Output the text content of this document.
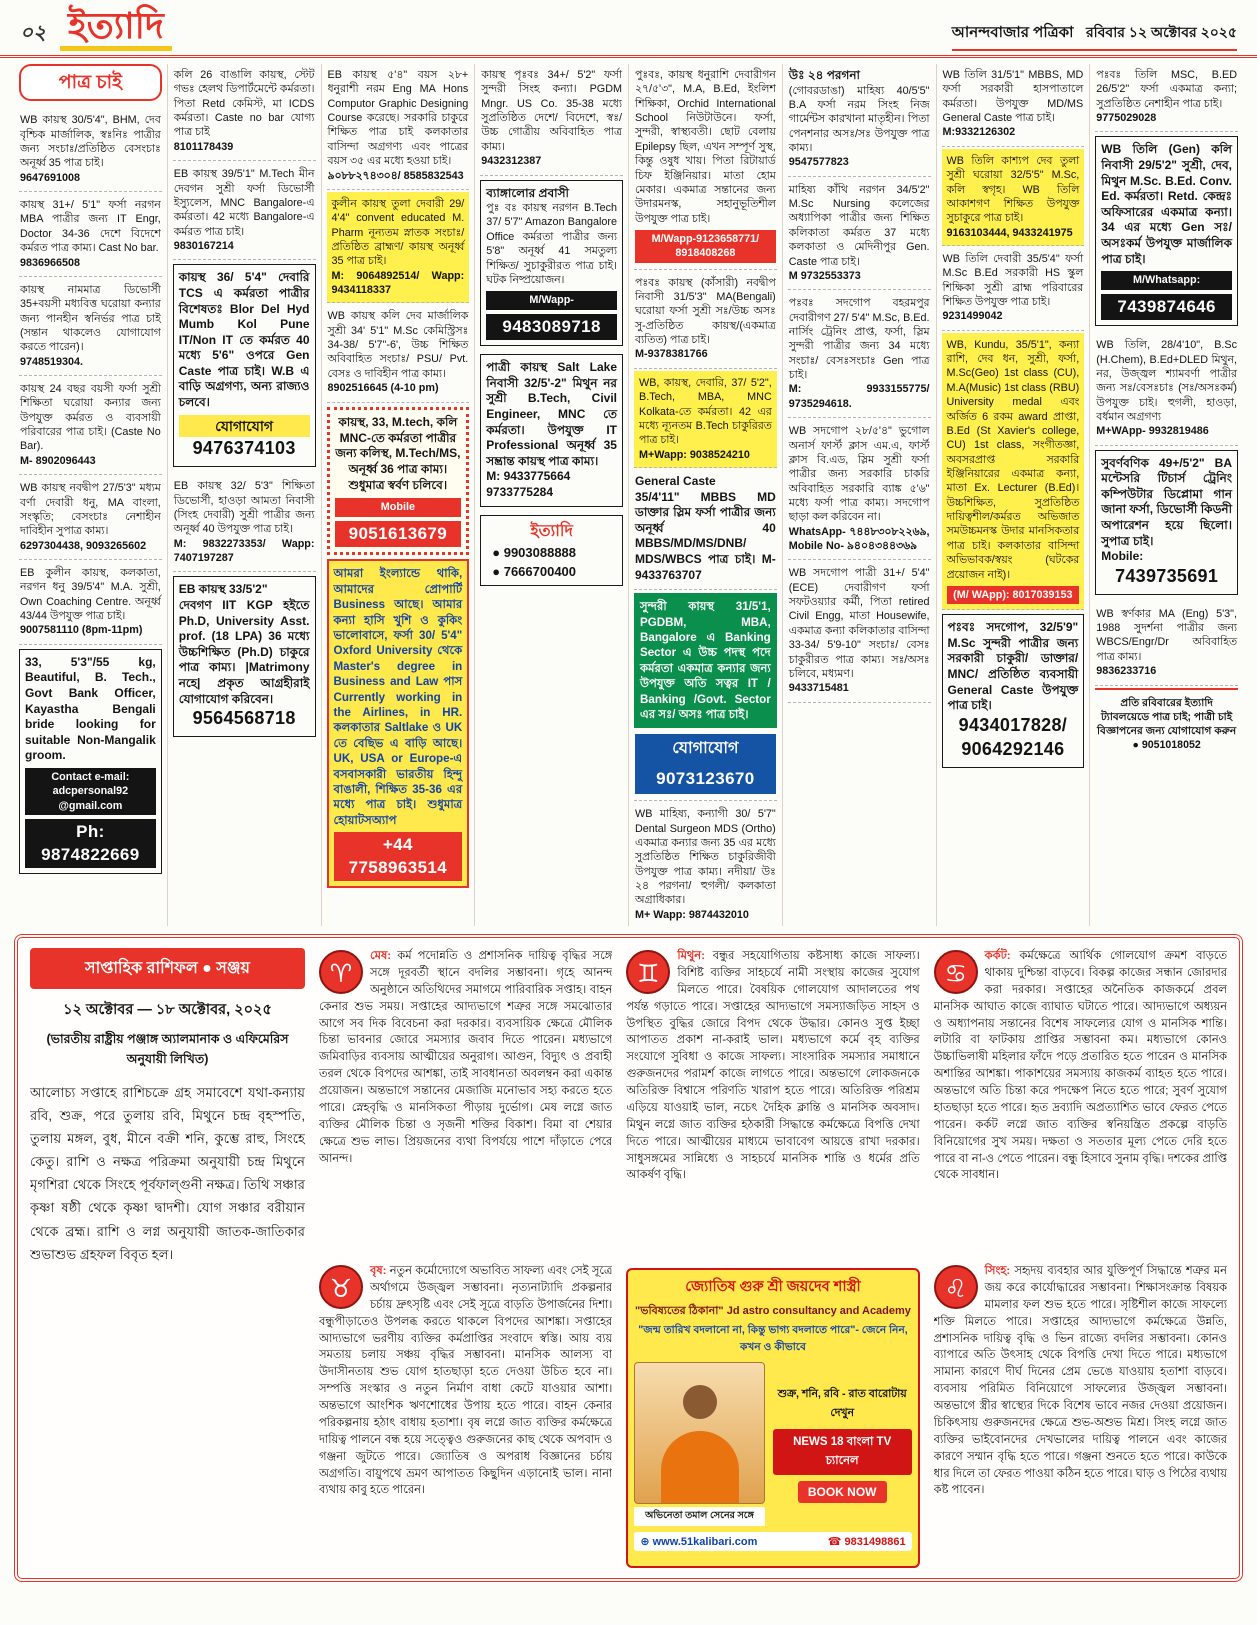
০২ ইত্যাদি	আনন্দবাজার পত্রিকা রবিবার ১২ অক্টোবর ২০২৫
পাত্র চাই
WB কায়স্থ 30/5'4", BHM, দেব বৃশ্চিক মার্জালিক, স্বঃনিঃ পাত্রীর জন্য সংচাঃ/প্রতিষ্ঠিত বেসংচাঃ অনূর্ধ্ব 35 পাত্র চাই।
9647691008
কায়স্থ 31+/ 5'1" ফর্সা নরগন MBA পাত্রীর জন্য IT Engr, Doctor 34-36 দেশে বিদেশে কর্মরত পাত্র কাম্য। Cast No bar.
9836966508
কায়স্থ নামমাত্র ডিভোর্সী 35+বয়সী মধ্যবিত্ত ঘরোয়া কন্যার জন্য পানহীন স্বনির্ভর পাত্র চাই (সন্তান থাকলেও যোগাযোগ করতে পারেন)।
9748519304.
কায়স্থ 24 বছর বয়সী ফর্সা সুশ্রী শিক্ষিতা ঘরোয়া কন্যার জন্য উপযুক্ত কর্মরত ও ব্যবসায়ী পরিবারের পাত্র চাই। (Caste No Bar).
M- 8902096443
WB কায়স্থ নবদ্বীপ 27/5'3" মধ্যম বর্ণা দেবারী ধনু, MA বাংলা, সংস্কৃতি; বেসংচাঃ নেশাহীন দাবিহীন সুপাত্র কাম্য।
6297304438, 9093265602
EB কুলীন কায়স্থ, কলকাতা, নরগন ধনু 39/5'4" M.A. সুশ্রী, Own Coaching Centre. অনূর্ধ্ব 43/44 উপযুক্ত পাত্র চাই।
9007581110 (8pm-11pm)
33, 5'3"/55 kg, Beautiful, B. Tech., Govt Bank Officer, Kayastha Bengali bride looking for suitable Non-Mangalik groom.
Contact e-mail: adcpersonal92 @gmail.com
Ph: 9874822669
কলি 26 বাঙালি কায়স্থ, স্টেট গভঃ হেলথ ডিপার্টমেন্টে কর্মরতা। পিতা Retd কেমিস্ট, মা ICDS কর্মরতা। Caste no bar যোগ্য পাত্র চাই
8101178439
EB কায়স্থ 39/5'1" M.Tech মীন দেবগন সুশ্রী ফর্সা ডিভোর্সী ইস্যুলেস, MNC Bangalore-এ কর্মরতা। 42 মধ্যে Bangalore-এ কর্মরত পাত্র চাই।
9830167214
কায়স্থ 36/ 5'4" দেবারি TCS এ কর্মরতা পাত্রীর বিশেষতঃ Blor Del Hyd Mumb Kol Pune IT/Non IT তে কর্মরত 40 মধ্যে 5'6" ওপরে Gen Caste পাত্র চাই। W.B এ বাড়ি অগ্রগণ্য, অন্য রাজ্যও চলবে।
যোগাযোগ
9476374103
EB কায়স্থ 32/ 5'3" শিক্ষিতা ডিভোর্সী, হাওড়া আমতা নিবাসী (সিংহ দেবারী) সুশ্রী পাত্রীর জন্য অনূর্ধ্ব 40 উপযুক্ত পাত্র চাই।
M: 9832273353/ Wapp: 7407197287
EB কায়স্থ 33/5'2"
দেবগণ IIT KGP হইতে Ph.D, University Asst. prof. (18 LPA) 36 মধ্যে উচ্চশিক্ষিত (Ph.D) চাকুরে পাত্র কাম্য। |Matrimony নহে| প্রকৃত আগ্রহীরাই যোগাযোগ করিবেন।
9564568718
EB কায়স্থ ৫'৪" বয়স ২৮+ ধনুরাশী নরম Eng MA Hons Computor Graphic Designing Course করেছে। সরকারি চাকুরে শিক্ষিত পাত্র চাই কলকাতার বাসিন্দা অগ্রগণ্য এবং পাত্রের বয়স ৩৫ এর মধ্যে হওয়া চাই।
৯০৮৮২৭৪৩০৪/ 8585832543
কুলীন কায়স্থ তুলা দেবারী 29/ 4'4" convent educated M. Pharm নূন্যতম স্নাতক সংচাঃ/প্রতিষ্ঠিত ব্রাহ্মণ/ কায়স্থ অনূর্ধ্ব 35 পাত্র চাই।
M: 9064892514/ Wapp: 9434118337
WB কায়স্থ কলি দেব মার্জালিক সুশ্রী 34' 5'1" M.Sc কেমিস্ট্রিসঃ 34-38/ 5'7"-6', উচ্চ শিক্ষিত অবিবাহিত সংচাঃ/ PSU/ Pvt. বেসঃ ও দাবিহীন পাত্র কাম্য।
8902516645 (4-10 pm)
কায়স্থ, 33, M.tech, কলি MNC-তে কর্মরতা পাত্রীর জন্য কলিস্থ, M.Tech/MS, অনূর্ধ্ব 36 পাত্র কাম্য। শুধুমাত্র স্বর্বণ চলিবে।
Mobile
9051613679
আমরা ইংল্যান্ডে থাকি, আমাদের প্রোপার্টি Business আছে। আমার কন্যা হাসি খুশি ও কুকিং ভালোবাসে, ফর্সা 30/ 5'4" Oxford University থেকে Master's degree in Business and Law পাস Currently working in the Airlines, in HR. কলকাতার Saltlake ও UK তে বেছিভ এ বাড়ি আছে। UK, USA or Europe-এ বসবাসকারী ভারতীয় হিন্দু বাঙালী, শিক্ষিত 35-36 এর মধ্যে পাত্র চাই। শুধুমাত্র হোয়াটসঅ্যাপ
+44 7758963514
কায়স্থ পৃঃবঃ 34+/ 5'2" ফর্সা সুন্দরী সিংহ কন্যা। PGDM Mngr. US Co. 35-38 মধ্যে সুপ্রতিষ্ঠিত দেশে/ বিদেশে, স্বঃ/ উচ্চ গোত্রীয় অবিবাহিত পাত্র কাম্য।
9432312387
ব্যাঙ্গালোর প্রবাসী
পুঃ বঃ কায়স্থ নরগন B.Tech 37/ 5'7" Amazon Bangalore Office কর্মরতা পাত্রীর জন্য 5'8" অনূর্ধ্ব 41 সমতুল্য শিক্ষিত/ সুচাকুরীরত পাত্র চাই। ঘটক নিষ্প্রয়োজন।
M/Wapp-
9483089718
পাত্রী কায়স্থ Salt Lake নিবাসী 32/5'-2" মিথুন নর সুশ্রী B.Tech, Civil Engineer, MNC তে কর্মরতা। উপযুক্ত IT Professional অনূর্ধ্ব 35 সম্ভ্রান্ত কায়স্থ পাত্র কাম্য।
M: 9433775664
9733775284
ইত্যাদি
● 9903088888
● 7666700400
পুঃবঃ, কায়স্থ ধনুরাশি দেবারীগন ২৭/৫'৩", M.A, B.Ed, ইংলিশ শিক্ষিকা, Orchid International School নিউটাউনে। ফর্সা, সুন্দরী, স্বাস্থ্যবতী। ছোট বেলায় Epilepsy ছিল, এখন সম্পূর্ণ সুস্থ, কিন্তু ওষুধ খায়। পিতা রিটায়ার্ড চিফ ইঞ্জিনিয়ার। মাতা হোম মেকার। একমাত্র সন্তানের জন্য উদারমনস্ক, সহানুভূতিশীল উপযুক্ত পাত্র চাই।
M/Wapp-9123658771/ 8918408268
পঃবঃ কায়স্থ (কাঁসারী) নবদ্বীপ নিবাসী 31/5'3" MA(Bengali) ঘরোয়া ফর্সা সুশ্রী সঃ/উচ্চ অসঃ সু-প্রতিষ্ঠিত কায়স্থ/(একমাত্র ব্যতিত) পাত্র চাই।
M-9378381766
WB, কায়স্থ, দেবারি, 37/ 5'2", B.Tech, MBA, MNC Kolkata-তে কর্মরতা। 42 এর মধ্যে ন্যূনতম B.Tech চাকুরিরত পাত্র চাই।
M+Wapp: 9038524210
General Caste
35/4'11" MBBS MD ডাক্তার স্লিম ফর্সা পাত্রীর জন্য অনূর্ধ্ব 40 MBBS/MD/MS/DNB/ MDS/WBCS পাত্র চাই। M-9433763707
সুন্দরী কায়স্থ 31/5'1, PGDBM, MBA, Bangalore এ Banking Sector এ উচ্চ পদস্থ পদে কর্মরতা একমাত্র কন্যার জন্য উপযুক্ত অতি সত্বর IT / Banking /Govt. Sector এর সঃ/ অসঃ পাত্র চাই।
যোগাযোগ
9073123670
WB মাহিষ্য, কন্যাগী 30/ 5'7" Dental Surgeon MDS (Ortho) একমাত্র কন্যার জন্য 35 এর মধ্যে সুপ্রতিষ্ঠিত শিক্ষিত চাকুরিজীবী উপযুক্ত পাত্র কাম্য। নদীয়া/ উঃ ২৪ পরগনা/ হুগলী/ কলকাতা অগ্রাধিকার।
M+ Wapp: 9874432010
উঃ ২৪ পরগনা
(গোবরডাঙা) মাহিষ্য 40/5'5" B.A ফর্সা নরম সিংহ নিজ গার্মেন্টস কারখানা মাতৃহীন। পিতা পেনশনার অসঃ/সঃ উপযুক্ত পাত্র কাম্য।
9547577823
মাহিষ্য কাঁথি নরগন 34/5'2" M.Sc Nursing কলেজের অধ্যাপিকা পাত্রীর জন্য শিক্ষিত কলিকাতা কর্মরত 37 মধ্যে কলকাতা ও মেদিনীপুর Gen. Caste পাত্র চাই।
M 9732553373
পঃবঃ সদগোপ বহরমপুর দেবারীগণ 27/ 5'4" M.Sc, B.Ed. নার্সিং ট্রেনিং প্রাপ্ত, ফর্সা, স্লিম সুন্দরী পাত্রীর জন্য 34 মধ্যে সংচাঃ/ বেসঃসংচাঃ Gen পাত্র চাই।
M: 9933155775/ 9735294618.
WB সদগোপ ২৮/৫'৪" ভুগোল অনার্স ফার্স্ট ক্লাস এম.এ, ফার্স্ট ক্লাস বি.এড, স্লিম সুশ্রী ফর্সা পাত্রীর জন্য সরকারি চাকরি অবিবাহিত সরকারি ব্যাঙ্ক ৫'৬" মধ্যে ফর্সা পাত্র কাম্য। সদগোপ ছাড়া কল করিবেন না।
WhatsApp- ৭৪৪৮৩০৮২২৬৯, Mobile No- ৯৪০৪৩৪৪৩৬৯
WB সদগোপ পাত্রী 31+/ 5'4" (ECE) দেবারীগণ ফর্সা সফটওয়্যার কর্মী, পিতা retired Civil Engg, মাতা Housewife, একমাত্র কন্যা কলিকাতার বাসিন্দা 33-34/ 5'9-10" সংচাঃ/ বেসঃ চাকুরীরত পাত্র কাম্য। সঃ/অসঃ চলিবে, মধ্যমণ।
9433715481
WB তিলি 31/5'1" MBBS, MD ফর্সা সরকারী হাসপাতালে কর্মরতা। উপযুক্ত MD/MS General Caste পাত্র চাই।
M:9332126302
WB তিলি কাশ্যপ দেব তুলা সুশ্রী ঘরোয়া 32/5'5" M.Sc, কলি স্বগৃহ। WB তিলি আকাশগণ শিক্ষিত উপযুক্ত সুচাকুরে পাত্র চাই।
9163103444, 9433241975
WB তিলি দেবারী 35/5'4" ফর্সা M.Sc B.Ed সরকারী HS স্কুল শিক্ষিকা সুশ্রী ব্রাহ্ম পরিবারের শিক্ষিত উপযুক্ত পাত্র চাই।
9231499042
WB, Kundu, 35/5'1", কন্যা রাশি, দেব ধন, সুশ্রী, ফর্সা, M.Sc(Geo) 1st class (CU), M.A(Music) 1st class (RBU) University medal এবং অর্জিত 6 রকম award প্রাপ্তা, B.Ed (St Xavier's college, CU) 1st class, সংগীতজ্ঞা, অবসরপ্রাপ্ত সরকারি ইঞ্জিনিয়ারের একমাত্র কন্যা, মাতা Ex. Lecturer (B.Ed)। উচ্চশিক্ষিত, সুপ্রতিষ্ঠিত দায়িত্বশীল/কর্মরত অভিজাত সমউচ্চমনস্ক উদার মানসিকতার পাত্র চাই। কলকাতার বাসিন্দা অভিভাবক/স্বয়ং (ঘটকের প্রয়োজন নাই)।
(M/ WApp): 8017039153
পঃবঃ সদগোপ, 32/5'9" M.Sc সুন্দরী পাত্রীর জন্য সরকারী চাকুরী/ ডাক্তার/ MNC/ প্রতিষ্ঠিত ব্যবসায়ী General Caste উপযুক্ত পাত্র চাই।
9434017828/
9064292146
পঃবঃ তিলি MSC, B.ED 26/5'2" ফর্সা একমাত্র কন্যা; সুপ্রতিষ্ঠিত নেশাহীন পাত্র চাই।
9775029028
WB তিলি (Gen) কলি নিবাসী 29/5'2" সুশ্রী, দেব, মিথুন M.Sc. B.Ed. Conv. Ed. কর্মরতা। Retd. কেন্দ্রঃ অফিসারের একমাত্র কন্যা। 34 এর মধ্যে Gen সঃ/অসঃকর্ম উপযুক্ত মার্জালিক পাত্র চাই।
M/Whatsapp:
7439874646
WB তিলি, 28/4'10", B.Sc (H.Chem), B.Ed+DLED মিথুন, নর, উজ্জ্বল শ্যামবর্ণা পাত্রীর জন্য সঃ/বেসঃচাঃ (সঃ/অসঃকর্ম) উপযুক্ত চাই। হুগলী, হাওড়া, বর্ধমান অগ্রগণ্য
M+WApp- 9932819486
সুবর্ণবণিক 49+/5'2" BA মন্টেসরি টিচার্স ট্রেনিং কম্পিউটার ডিপ্লোমা গান জানা ফর্সা, ডিভোর্সী কিডনী অপারেশন হয়ে ছিলো। সুপাত্র চাই।
Mobile:
7439735691
WB স্বর্ণকার MA (Eng) 5'3", 1988 সুদর্শনা পাত্রীর জন্য WBCS/Engr/Dr অবিবাহিত পাত্র কাম্য।
9836233716
প্রতি রবিবারের ইত্যাদি ট্যাবলয়েডে পাত্র চাই; পাত্রী চাই
বিজ্ঞাপনের জন্য যোগাযোগ করুন ● 9051018052
সাপ্তাহিক রাশিফল ● সঞ্জয়
১২ অক্টোবর — ১৮ অক্টোবর, ২০২৫
(ভারতীয় রাষ্ট্রীয় পঞ্জাঙ্গ অ্যালমানাক ও এফিমেরিস অনুযায়ী লিখিত)
আলোচ্য সপ্তাহে রাশিচক্রে গ্রহ সমাবেশে যথা-কন্যায় রবি, শুক্র, পরে তুলায় রবি, মিথুনে চন্দ্র বৃহস্পতি, তুলায় মঙ্গল, বুধ, মীনে বক্রী শনি, কুম্ভে রাহু, সিংহে কেতু। রাশি ও নক্ষত্র পরিক্রমা অনুযায়ী চন্দ্র মিথুনে মৃগশিরা থেকে সিংহে পূর্বফাল্গুনী নক্ষত্র। তিথি সঞ্চার কৃষ্ণা ষষ্ঠী থেকে কৃষ্ণা দ্বাদশী। যোগ সঞ্চার বরীয়ান থেকে ব্রহ্ম। রাশি ও লগ্ন অনুযায়ী জাতক-জাতিকার শুভাশুভ গ্রহফল বিবৃত হল।
♈
মেষ: কর্ম পদোন্নতি ও প্রশাসনিক দায়িত্ব বৃদ্ধির সঙ্গে সঙ্গে দূরবর্তী স্থানে বদলির সম্ভাবনা। গৃহে আনন্দ অনুষ্ঠানে অতিথিদের সমাগমে পারিবারিক সপ্তাহ। বাহন কেনার শুভ সময়। সপ্তাহের আদ্যভাগে শত্রুর সঙ্গে সমঝোতার আগে সব দিক বিবেচনা করা দরকার। ব্যবসায়িক ক্ষেত্রে মৌলিক চিন্তা ভাবনার জোরে সমস্যার জবাব দিতে পারেন। মধ্যভাগে জমিবাড়ির ব্যবসায় আত্মীয়ের অনুরাগ। আগুন, বিদ্যুৎ ও প্রবাহী তরল থেকে বিপদের আশঙ্কা, তাই সাবধানতা অবলম্বন করা একান্ত প্রয়োজন। অন্তভাগে সন্তানের মেজাজি মনোভাব সহ্য করতে হতে পারে। স্নেহবৃদ্ধি ও মানসিকতা পীড়ায় দুর্ভোগ। মেষ লগ্নে জাত ব্যক্তির মৌলিক চিন্তা ও সৃজনী শক্তির বিকাশ। বিমা বা শেয়ার ক্ষেত্রে শুভ লাভ। প্রিয়জনের ব্যথা বিপর্যয়ে পাশে দাঁড়াতে পেরে আনন্দ।
♉
বৃষ: নতুন কর্মোদ্যোগে অভাবিত সাফল্য এবং সেই সূত্রে অর্থাগমে উজ্জ্বল সম্ভাবনা। নৃত্যনাট্যাদি প্রকল্পনার চর্চায় দ্রুৎসৃষ্টি এবং সেই সূত্রে বাড়তি উপার্জনের দিশা। বন্ধুপীড়াতেও উপলব্ধ করতে থাকলে বিপদের আশঙ্কা। সপ্তাহের আদ্যভাগে ভরণীয় ব্যক্তির কর্মপ্রাপ্তির সংবাদে স্বস্তি। আয় ব্যয় সমতায় চলায় সঞ্চয় বৃদ্ধির সম্ভাবনা। মানসিক আলস্য বা উদাসীনতায় শুভ যোগ হাতছাড়া হতে দেওয়া উচিত হবে না। সম্পত্তি সংস্কার ও নতুন নির্মাণ বাধা কেটে যাওয়ার আশা। অন্তভাগে আংশিক ঋণশোধের উপায় হতে পারে। বাহন কেনার পরিকল্পনায় হঠাৎ বাধায় হতাশা। বৃষ লগ্নে জাত ব্যক্তির কর্মক্ষেত্রে দায়িত্ব পালনে বন্ধ হয়ে সত্ত্বেও গুরুজনের কাছ থেকে অপবাদ ও গঞ্জনা জুটতে পারে। জ্যোতিষ ও অপরাধ বিজ্ঞানের চর্চায় অগ্রগতি। বায়ুপথে ভ্রমণ আপাতত কিছুদিন এড়ানোই ভাল। নানা ব্যথায় কাবু হতে পারেন।
♊
মিথুন: বন্ধুর সহযোগিতায় কষ্টসাধ্য কাজে সাফল্য। বিশিষ্ট ব্যক্তির সাহচর্যে নামী সংস্থায় কাজের সুযোগ মিলতে পারে। বৈষয়িক গোলযোগ আদালতের পথ পর্যন্ত গড়াতে পারে। সপ্তাহের আদ্যভাগে সমস্যাজড়িত সাহস ও উপস্থিত বুদ্ধির জোরে বিপদ থেকে উদ্ধার। কোনও সুপ্ত ইচ্ছা আপাতত প্রকাশ না-করাই ভাল। মধ্যভাগে কর্মে বৃহ ব্যক্তির সংযোগে সুবিধা ও কাজে সাফল্য। সাংসারিক সমস্যার সমাধানে গুরুজনদের পরামর্শ কাজে লাগতে পারে। অন্তভাগে লোকজনকে অতিরিক্ত বিশ্বাসে পরিণতি খারাপ হতে পারে। অতিরিক্ত পরিশ্রম এড়িয়ে যাওয়াই ভাল, নচেৎ দৈহিক ক্লান্তি ও মানসিক অবসাদ। মিথুন লগ্নে জাত ব্যক্তির হঠকারী সিদ্ধান্তে কর্মক্ষেত্রে বিপত্তি দেখা দিতে পারে। আত্মীয়ের মাধ্যমে ভাবাবেগ আয়ত্তে রাখা দরকার। সাধুসঙ্গমের সান্নিধ্যে ও সাহচর্যে মানসিক শান্তি ও ধর্মের প্রতি আকর্ষণ বৃদ্ধি।
জ্যোতিষ গুরু শ্রী জয়দেব শাস্ত্রী
"ভবিষ্যতের ঠিকানা" Jd astro consultancy and Academy
"জন্ম তারিখ বদলানো না, কিন্তু ভাগ্য বদলাতে পারে"- জেনে নিন, কখন ও কীভাবে
অভিনেতা তমাল সেনের সঙ্গে
শুক্র, শনি, রবি - রাত বারোটায় দেখুন
NEWS 18 বাংলা TV চ্যানেল
BOOK NOW
⊕ www.51kalibari.com	☎ 9831498861
♋
কর্কট: কর্মক্ষেত্রে আর্থিক গোলযোগ ক্রমশ বাড়তে থাকায় দুশ্চিন্তা বাড়বে। বিকল্প কাজের সন্ধান জোরদার করা দরকার। সপ্তাহের অনৈতিক কাজকর্মে প্রবল মানসিক আঘাত কাজে ব্যাঘাত ঘটাতে পারে। আদ্যভাগে অধ্যয়ন ও অধ্যাপনায় সন্তানের বিশেষ সাফল্যের যোগ ও মানসিক শান্তি। লটারি বা ফাটকায় প্রাপ্তির সম্ভাবনা কম। মধ্যভাগে কোনও উচ্চাভিলাষী মহিলার ফাঁদে পড়ে প্রতারিত হতে পারেন ও মানসিক অশান্তির আশঙ্কা। পাকাশয়ের সমস্যায় কাজকর্ম ব্যাহত হতে পারে। অন্তভাগে অতি চিন্তা করে পদক্ষেপ নিতে হতে পারে; সুবর্ণ সুযোগ হাতছাড়া হতে পারে। হৃত দ্রব্যাদি অপ্রত্যাশিত ভাবে ফেরত পেতে পারেন। কর্কট লগ্নে জাত ব্যক্তির স্বনিয়ন্ত্রিত প্রকল্পে বাড়তি বিনিয়োগের সুখ সময়। দক্ষতা ও সততার মূল্য পেতে দেরি হতে পারে বা না-ও পেতে পারেন। বন্ধু হিসাবে সুনাম বৃদ্ধি। দশকের প্রাপ্তি থেকে সাবধান।
♌
সিংহ: সহৃদয় ব্যবহার আর যুক্তিপূর্ণ সিদ্ধান্তে শত্রুর মন জয় করে কার্যোদ্ধারের সম্ভাবনা। শিক্ষাসংক্রান্ত বিষয়ক মামলার ফল শুভ হতে পারে। সৃষ্টিশীল কাজে সাফল্যে শক্তি মিলতে পারে। সপ্তাহের আদ্যভাগে কর্মক্ষেত্রে উন্নতি, প্রশাসনিক দায়িত্ব বৃদ্ধি ও ভিন রাজ্যে বদলির সম্ভাবনা। কোনও ব্যাপারে অতি উৎসাহ থেকে বিপত্তি দেখা দিতে পারে। মধ্যভাগে সামান্য কারণে দীর্ঘ দিনের প্রেম ভেঙে যাওয়ায় হতাশা বাড়বে। ব্যবসায় পরিমিত বিনিয়োগে সাফল্যের উজ্জ্বল সম্ভাবনা। অন্তভাগে স্ত্রীর স্বাস্থ্যের দিকে বিশেষ ভাবে নজর দেওয়া প্রয়োজন। চিকিৎসায় গুরুজনদের ক্ষেত্রে শুভ-অশুভ মিশ্র। সিংহ লগ্নে জাত ব্যক্তির ভাইবোনদের দেখভালের দায়িত্ব পালনে এবং কাজের কারণে সম্মান বৃদ্ধি হতে পারে। গঞ্জনা শুনতে হতে পারে। কাউকে ধার দিলে তা ফেরত পাওয়া কঠিন হতে পারে। ঘাড় ও পিঠের ব্যথায় কষ্ট পাবেন।
